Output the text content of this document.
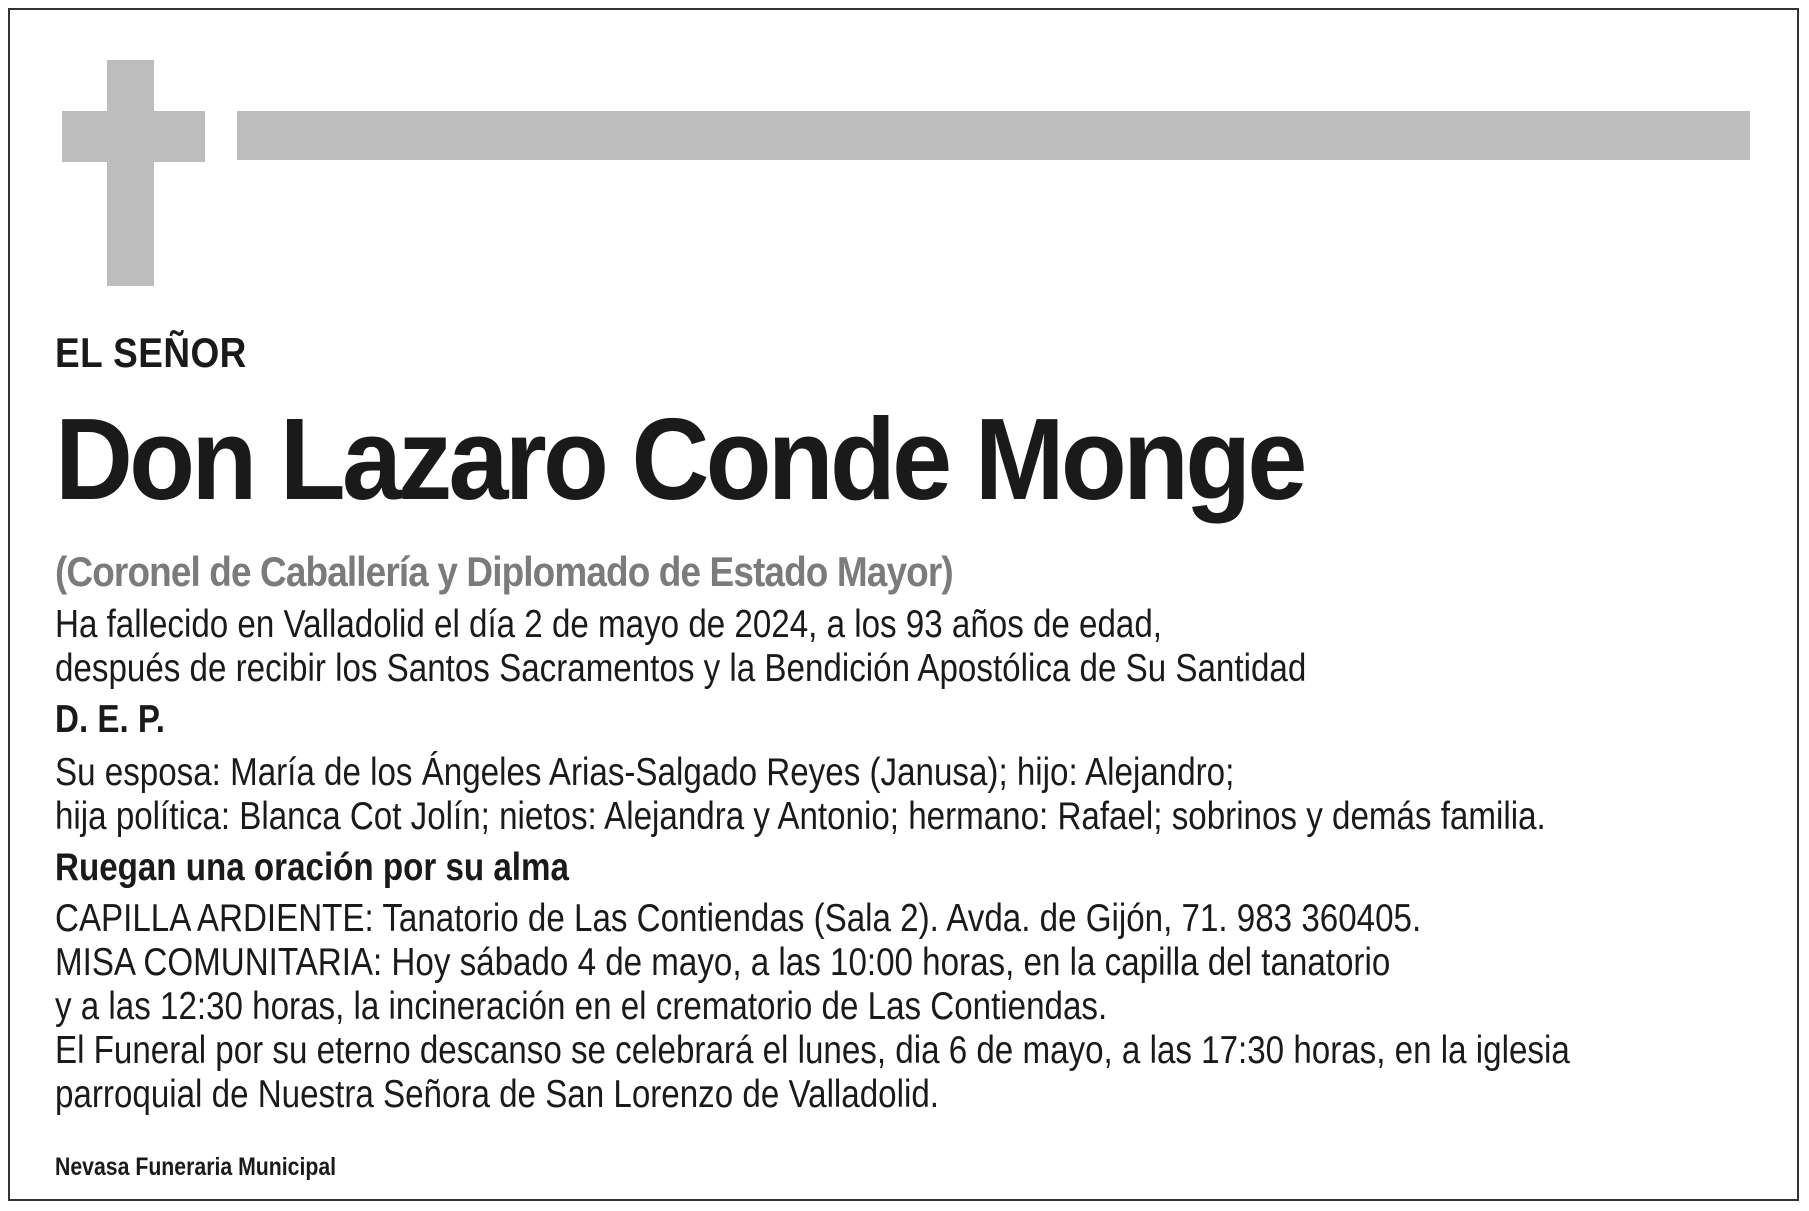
EL SEÑOR

Don Lazaro Conde Monge

(Coronel de Caballería y Diplomado de Estado Mayor)

Ha fallecido en Valladolid el día 2 de mayo de 2024, a los 93 años de edad,
después de recibir los Santos Sacramentos y la Bendición Apostólica de Su Santidad

D. E. P.

Su esposa: María de los Ángeles Arias-Salgado Reyes (Janusa); hijo: Alejandro;
hija política: Blanca Cot Jolín; nietos: Alejandra y Antonio; hermano: Rafael; sobrinos y demás familia.

Ruegan una oración por su alma

CAPILLA ARDIENTE: Tanatorio de Las Contiendas (Sala 2). Avda. de Gijón, 71. 983 360405.
MISA COMUNITARIA: Hoy sábado 4 de mayo, a las 10:00 horas, en la capilla del tanatorio
y a las 12:30 horas, la incineración en el crematorio de Las Contiendas.
El Funeral por su eterno descanso se celebrará el lunes, dia 6 de mayo, a las 17:30 horas, en la iglesia
parroquial de Nuestra Señora de San Lorenzo de Valladolid.

Nevasa Funeraria Municipal
